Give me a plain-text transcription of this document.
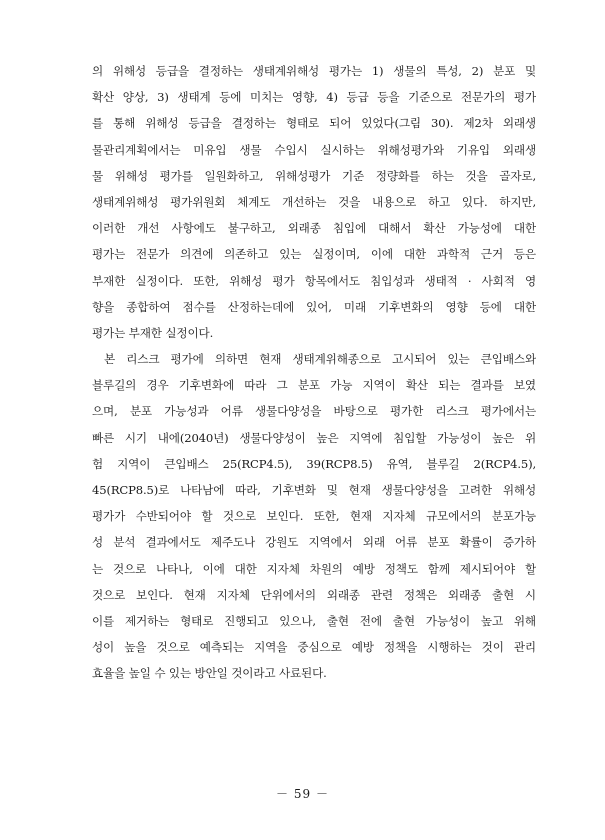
의 위해성 등급을 결정하는 생태계위해성 평가는 1) 생물의 특성, 2) 분포 및
확산 양상, 3) 생태계 등에 미치는 영향, 4) 등급 등을 기준으로 전문가의 평가
를 통해 위해성 등급을 결정하는 형태로 되어 있었다(그림 30). 제2차 외래생
물관리계획에서는 미유입 생물 수입시 실시하는 위해성평가와 기유입 외래생
물 위해성 평가를 일원화하고, 위해성평가 기준 정량화를 하는 것을 골자로,
생태계위해성 평가위원회 체계도 개선하는 것을 내용으로 하고 있다. 하지만,
이러한 개선 사항에도 불구하고, 외래종 침입에 대해서 확산 가능성에 대한
평가는 전문가 의견에 의존하고 있는 실정이며, 이에 대한 과학적 근거 등은
부재한 실정이다. 또한, 위해성 평가 항목에서도 침입성과 생태적 · 사회적 영
향을 종합하여 점수를 산정하는데에 있어, 미래 기후변화의 영향 등에 대한
평가는 부재한 실정이다.
본 리스크 평가에 의하면 현재 생태계위해종으로 고시되어 있는 큰입배스와
블루길의 경우 기후변화에 따라 그 분포 가능 지역이 확산 되는 결과를 보였
으며, 분포 가능성과 어류 생물다양성을 바탕으로 평가한 리스크 평가에서는
빠른 시기 내에(2040년) 생물다양성이 높은 지역에 침입할 가능성이 높은 위
험 지역이 큰입배스 25(RCP4.5), 39(RCP8.5) 유역, 블루길 2(RCP4.5),
45(RCP8.5)로 나타남에 따라, 기후변화 및 현재 생물다양성을 고려한 위해성
평가가 수반되어야 할 것으로 보인다. 또한, 현재 지자체 규모에서의 분포가능
성 분석 결과에서도 제주도나 강원도 지역에서 외래 어류 분포 확률이 증가하
는 것으로 나타나, 이에 대한 지자체 차원의 예방 정책도 함께 제시되어야 할
것으로 보인다. 현재 지자체 단위에서의 외래종 관련 정책은 외래종 출현 시
이를 제거하는 형태로 진행되고 있으나, 출현 전에 출현 가능성이 높고 위해
성이 높을 것으로 예측되는 지역을 중심으로 예방 정책을 시행하는 것이 관리
효율을 높일 수 있는 방안일 것이라고 사료된다.
－ 59 －
